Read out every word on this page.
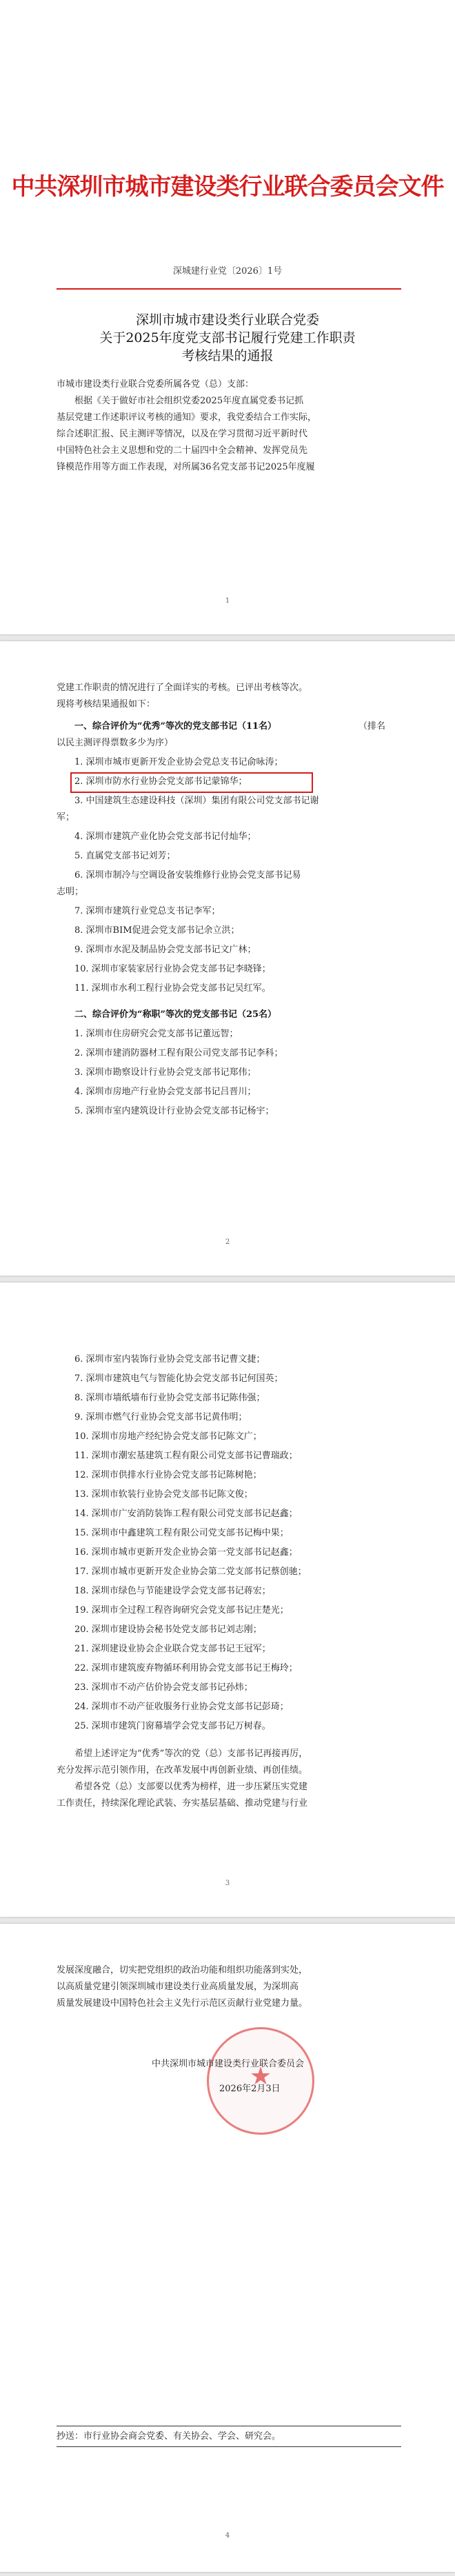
中共深圳市城市建设类行业联合委员会文件
深城建行业党〔2026〕1号
深圳市城市建设类行业联合党委
关于2025年度党支部书记履行党建工作职责
考核结果的通报
市城市建设类行业联合党委所属各党（总）支部：
根据《关于做好市社会组织党委2025年度直属党委书记抓
基层党建工作述职评议考核的通知》要求，我党委结合工作实际，
综合述职汇报、民主测评等情况，以及在学习贯彻习近平新时代
中国特色社会主义思想和党的二十届四中全会精神、发挥党员先
锋模范作用等方面工作表现，对所属36名党支部书记2025年度履
1
党建工作职责的情况进行了全面详实的考核。已评出考核等次。
现将考核结果通报如下：
一、综合评价为“优秀”等次的党支部书记（11名）	（排名
以民主测评得票数多少为序）
1. 深圳市城市更新开发企业协会党总支书记俞咏涛；
2. 深圳市防水行业协会党支部书记蒙锦华；
3. 中国建筑生态建设科技（深圳）集团有限公司党支部书记谢
军；
4. 深圳市建筑产业化协会党支部书记付灿华；
5. 直属党支部书记刘芳；
6. 深圳市制冷与空调设备安装维修行业协会党支部书记易
志明；
7. 深圳市建筑行业党总支书记李军；
8. 深圳市BIM促进会党支部书记余立洪；
9. 深圳市水泥及制品协会党支部书记文广林；
10. 深圳市家装家居行业协会党支部书记李晓锋；
11. 深圳市水利工程行业协会党支部书记吴红军。
二、综合评价为“称职”等次的党支部书记（25名）
1. 深圳市住房研究会党支部书记董远智；
2. 深圳市建消防器材工程有限公司党支部书记李科；
3. 深圳市勘察设计行业协会党支部书记郑伟；
4. 深圳市房地产行业协会党支部书记吕晋川；
5. 深圳市室内建筑设计行业协会党支部书记杨宇；
2
6. 深圳市室内装饰行业协会党支部书记曹文捷；
7. 深圳市建筑电气与智能化协会党支部书记何国英；
8. 深圳市墙纸墙布行业协会党支部书记陈伟强；
9. 深圳市燃气行业协会党支部书记黄伟明；
10. 深圳市房地产经纪协会党支部书记陈文广；
11. 深圳市潮宏基建筑工程有限公司党支部书记曹瑞政；
12. 深圳市供排水行业协会党支部书记陈树艳；
13. 深圳市软装行业协会党支部书记陈文俊；
14. 深圳市广安消防装饰工程有限公司党支部书记赵鑫；
15. 深圳市中鑫建筑工程有限公司党支部书记梅中果；
16. 深圳市城市更新开发企业协会第一党支部书记赵鑫；
17. 深圳市城市更新开发企业协会第二党支部书记蔡创驰；
18. 深圳市绿色与节能建设学会党支部书记蒋宏；
19. 深圳市全过程工程咨询研究会党支部书记庄楚光；
20. 深圳市建设协会秘书处党支部书记刘志刚；
21. 深圳建设业协会企业联合党支部书记王冠军；
22. 深圳市建筑废弃物循环利用协会党支部书记王梅玲；
23. 深圳市不动产估价协会党支部书记孙炜；
24. 深圳市不动产征收服务行业协会党支部书记彭琦；
25. 深圳市建筑门窗幕墙学会党支部书记万树春。
希望上述评定为“优秀”等次的党（总）支部书记再接再厉，
充分发挥示范引领作用，在改革发展中再创新业绩、再创佳绩。
希望各党（总）支部要以优秀为榜样，进一步压紧压实党建
工作责任，持续深化理论武装、夯实基层基础、推动党建与行业
3
发展深度融合，切实把党组织的政治功能和组织功能落到实处，
以高质量党建引领深圳城市建设类行业高质量发展，为深圳高
质量发展建设中国特色社会主义先行示范区贡献行业党建力量。
★
中共深圳市城市建设类行业联合委员会
2026年2月3日
抄送：市行业协会商会党委、有关协会、学会、研究会。
4
